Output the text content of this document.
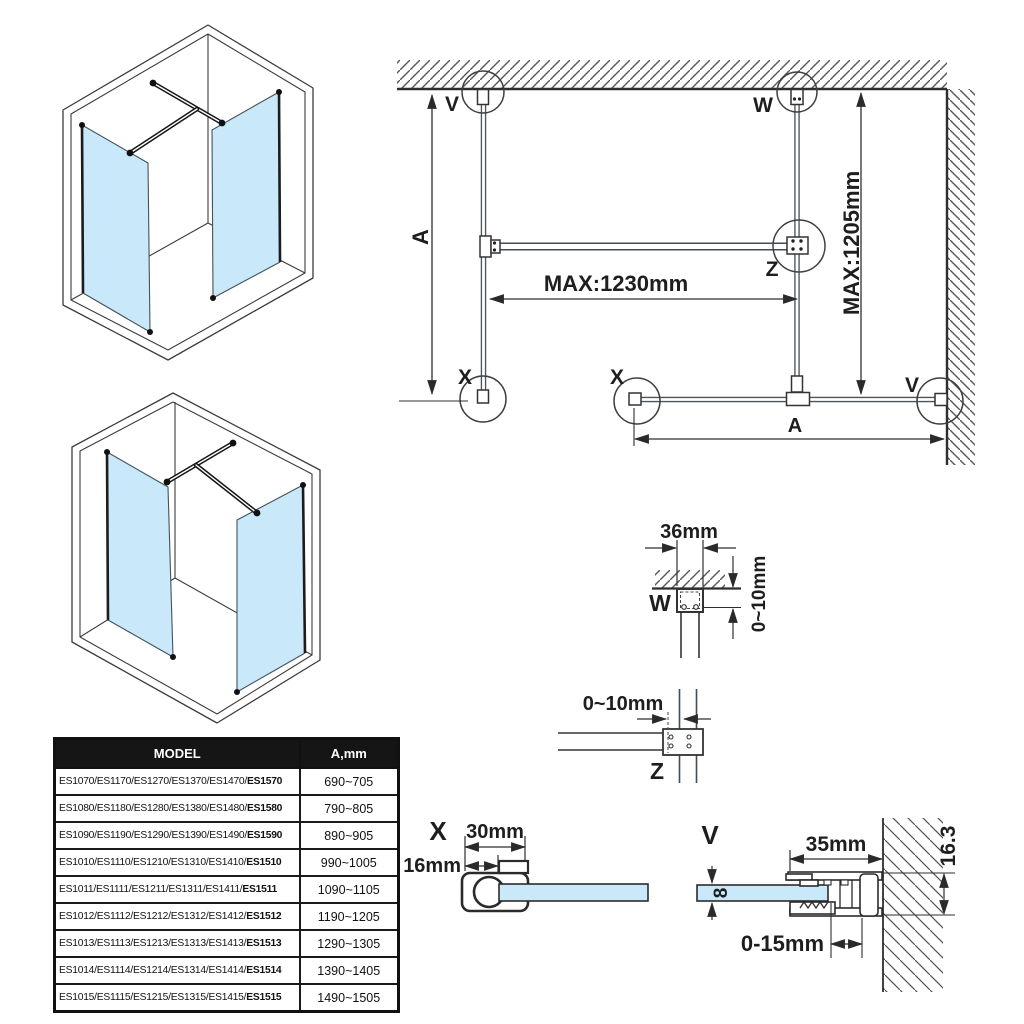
V	W
Z
X	X	V
A
MAX:1230mm	MAX:1205mm
A
36mm
W	0~10mm
0~10mm
Z
X 30mm
16mm
V	35mm	16.3
8
0-15mm
MODEL	A,mm
ES1070/ES1170/ES1270/ES1370/ES1470/ES1570	690~705
ES1080/ES1180/ES1280/ES1380/ES1480/ES1580	790~805
ES1090/ES1190/ES1290/ES1390/ES1490/ES1590	890~905
ES1010/ES1110/ES1210/ES1310/ES1410/ES1510	990~1005
ES1011/ES1111/ES1211/ES1311/ES1411/ES1511	1090~1105
ES1012/ES1112/ES1212/ES1312/ES1412/ES1512	1190~1205
ES1013/ES1113/ES1213/ES1313/ES1413/ES1513	1290~1305
ES1014/ES1114/ES1214/ES1314/ES1414/ES1514	1390~1405
ES1015/ES1115/ES1215/ES1315/ES1415/ES1515	1490~1505
